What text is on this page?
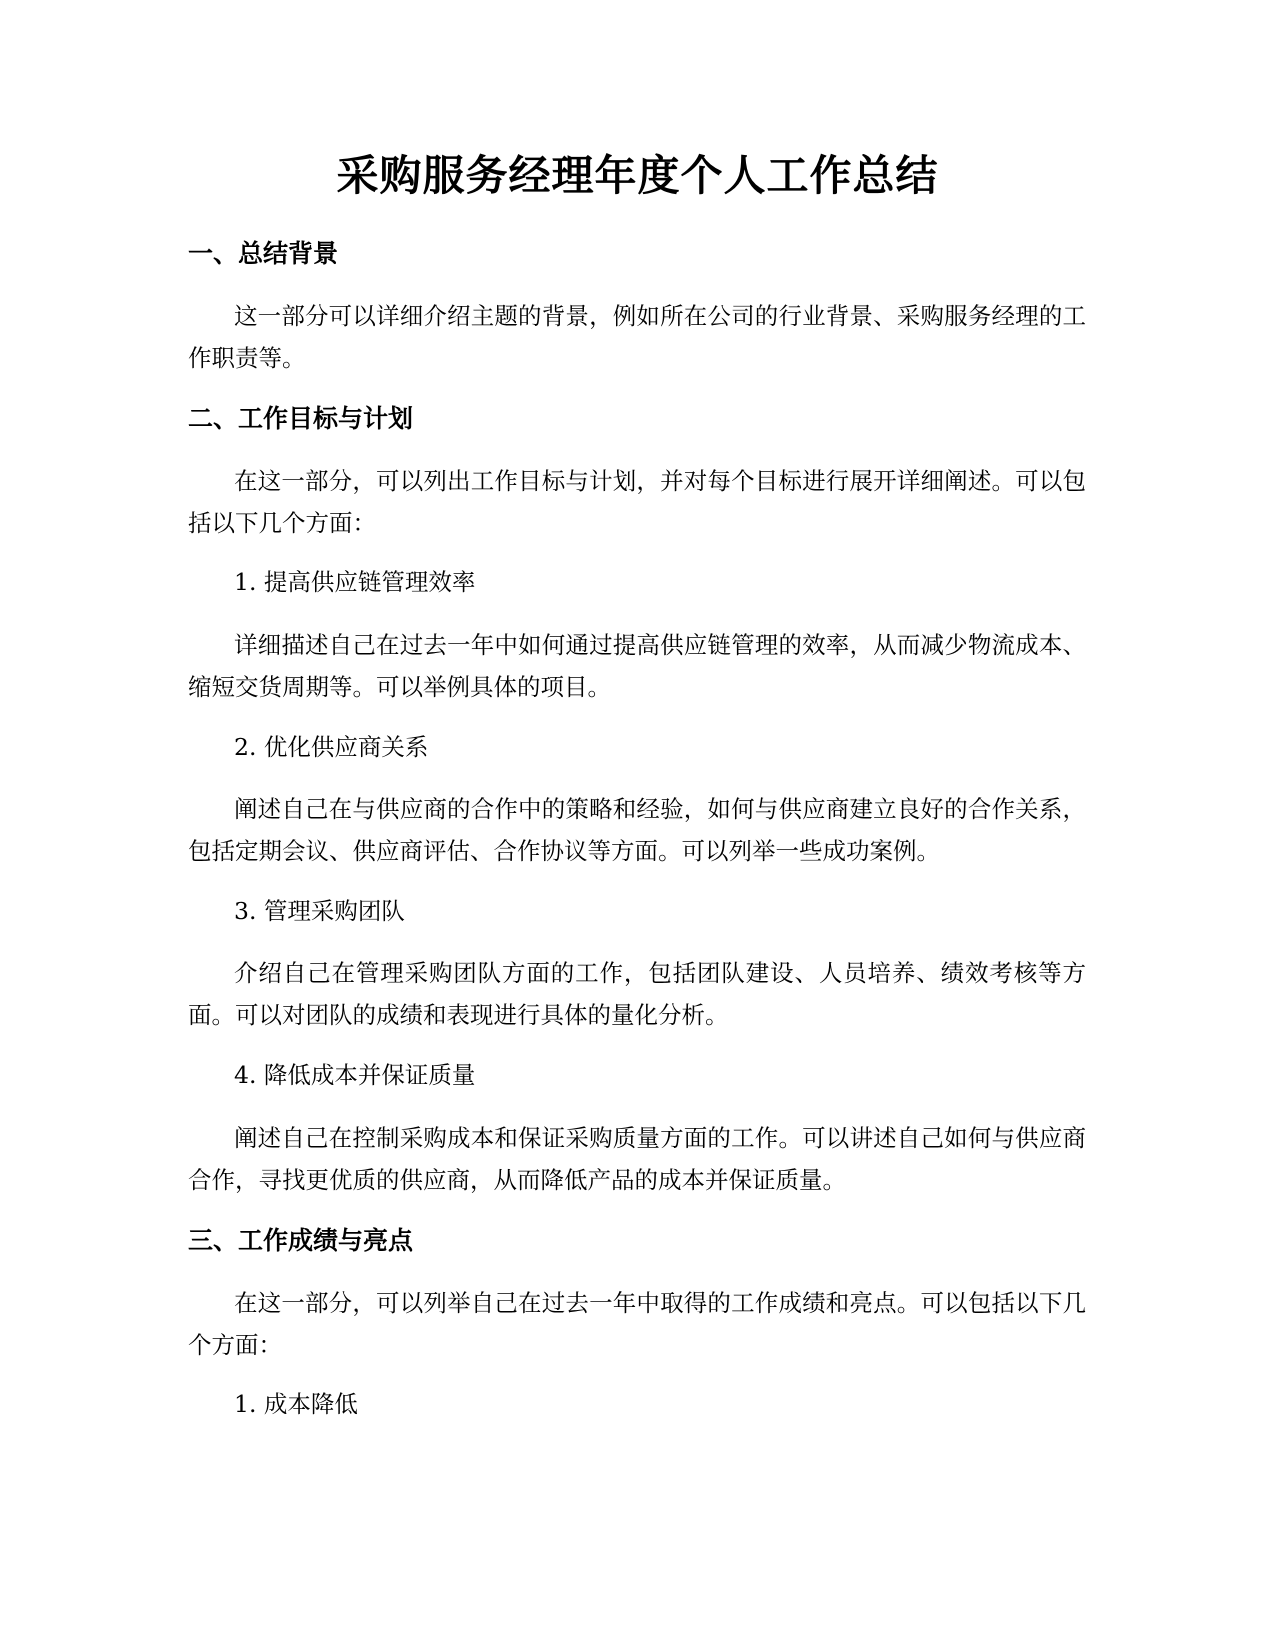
采购服务经理年度个人工作总结
一、总结背景

这一部分可以详细介绍主题的背景，例如所在公司的行业背景、采购服务经理的工作职责等。

二、工作目标与计划

在这一部分，可以列出工作目标与计划，并对每个目标进行展开详细阐述。可以包括以下几个方面：

1. 提高供应链管理效率

详细描述自己在过去一年中如何通过提高供应链管理的效率，从而减少物流成本、缩短交货周期等。可以举例具体的项目。

2. 优化供应商关系

阐述自己在与供应商的合作中的策略和经验，如何与供应商建立良好的合作关系，包括定期会议、供应商评估、合作协议等方面。可以列举一些成功案例。

3. 管理采购团队

介绍自己在管理采购团队方面的工作，包括团队建设、人员培养、绩效考核等方面。可以对团队的成绩和表现进行具体的量化分析。

4. 降低成本并保证质量

阐述自己在控制采购成本和保证采购质量方面的工作。可以讲述自己如何与供应商合作，寻找更优质的供应商，从而降低产品的成本并保证质量。

三、工作成绩与亮点

在这一部分，可以列举自己在过去一年中取得的工作成绩和亮点。可以包括以下几个方面：

1. 成本降低
